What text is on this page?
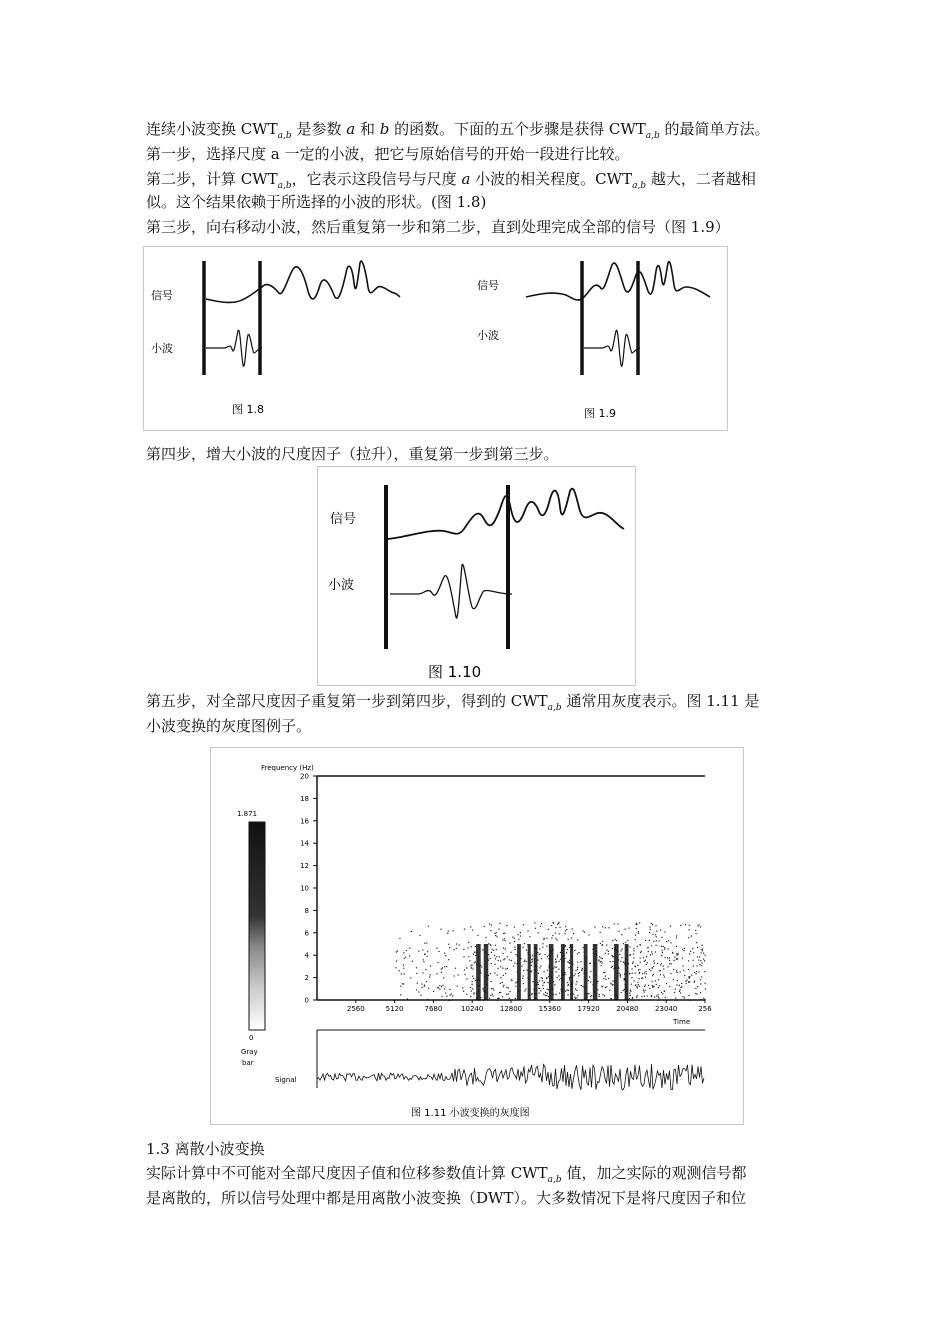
连续小波变换 $CWT_{a,b}$ 是参数 a 和 b 的函数。下面的五个步骤是获得 $CWT_{a,b}$ 的最简单方法。
第一步，选择尺度 a 一定的小波，把它与原始信号的开始一段进行比较。
第二步，计算 $CWT_{a,b}$，它表示这段信号与尺度 a 小波的相关程度。$CWT_{a,b}$ 越大，二者越相
似。这个结果依赖于所选择的小波的形状。(图 1.8)
第三步，向右移动小波，然后重复第一步和第二步，直到处理完成全部的信号（图 1.9）
信号
小波
图 1.8
信号
小波
图 1.9
第四步，增大小波的尺度因子（拉升），重复第一步到第三步。
信号
小波
图 1.10
第五步，对全部尺度因子重复第一步到第四步，得到的 $CWT_{a,b}$ 通常用灰度表示。图 1.11 是
小波变换的灰度图例子。
1.871
0
Gray
bar
Frequency (Hz)
0
2
4
6
8
10
12
14
16
18
20
2560	5120	7680	10240 12800 15360 17920 20480 23040	256
Time
Signal
图 1.11 小波变换的灰度图
1.3 离散小波变换
实际计算中不可能对全部尺度因子值和位移参数值计算 $CWT_{a,b}$ 值，加之实际的观测信号都
是离散的，所以信号处理中都是用离散小波变换（DWT）。大多数情况下是将尺度因子和位
